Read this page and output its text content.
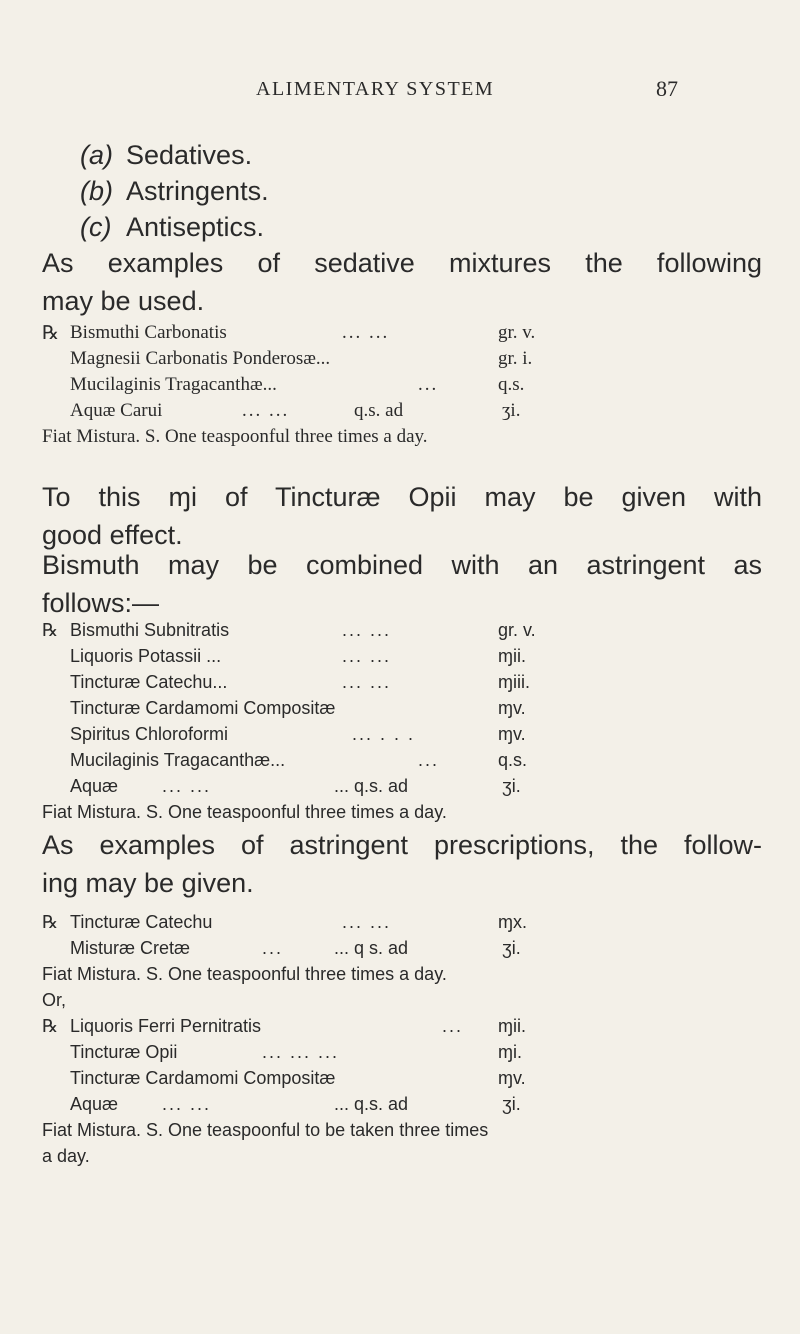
ALIMENTARY SYSTEM	87
(a) Sedatives.
(b) Astringents.
(c) Antiseptics.
As examples of sedative mixtures the following
may be used.
℞ Bismuthi Carbonatis	... ...	gr. v.
Magnesii Carbonatis Ponderosæ...	gr. i.
Mucilaginis Tragacanthæ...	...	q.s.
Aquæ Carui	... ...	q.s. ad	ʒi.
Fiat Mistura. S. One teaspoonful three times a day.
To this ɱi of Tincturæ Opii may be given with
good effect.
Bismuth may be combined with an astringent as
follows:—
℞ Bismuthi Subnitratis	... ...	gr. v.
Liquoris Potassii ...	... ...	ɱii.
Tincturæ Catechu...	... ...	ɱiii.
Tincturæ Cardamomi Compositæ	ɱv.
Spiritus Chloroformi	... . . .	ɱv.
Mucilaginis Tragacanthæ...	...	q.s.
Aquæ ... ...	... q.s. ad	ʒi.
Fiat Mistura. S. One teaspoonful three times a day.
As examples of astringent prescriptions, the follow-
ing may be given.
℞ Tincturæ Catechu	... ...	ɱx.
Misturæ Cretæ	...	... q s. ad	ʒi.
Fiat Mistura. S. One teaspoonful three times a day.
Or,
℞ Liquoris Ferri Pernitratis	... ɱii.
Tincturæ Opii	... ... ...	ɱi.
Tincturæ Cardamomi Compositæ	ɱv.
Aquæ ... ...	... q.s. ad	ʒi.
Fiat Mistura. S. One teaspoonful to be taken three times
a day.
